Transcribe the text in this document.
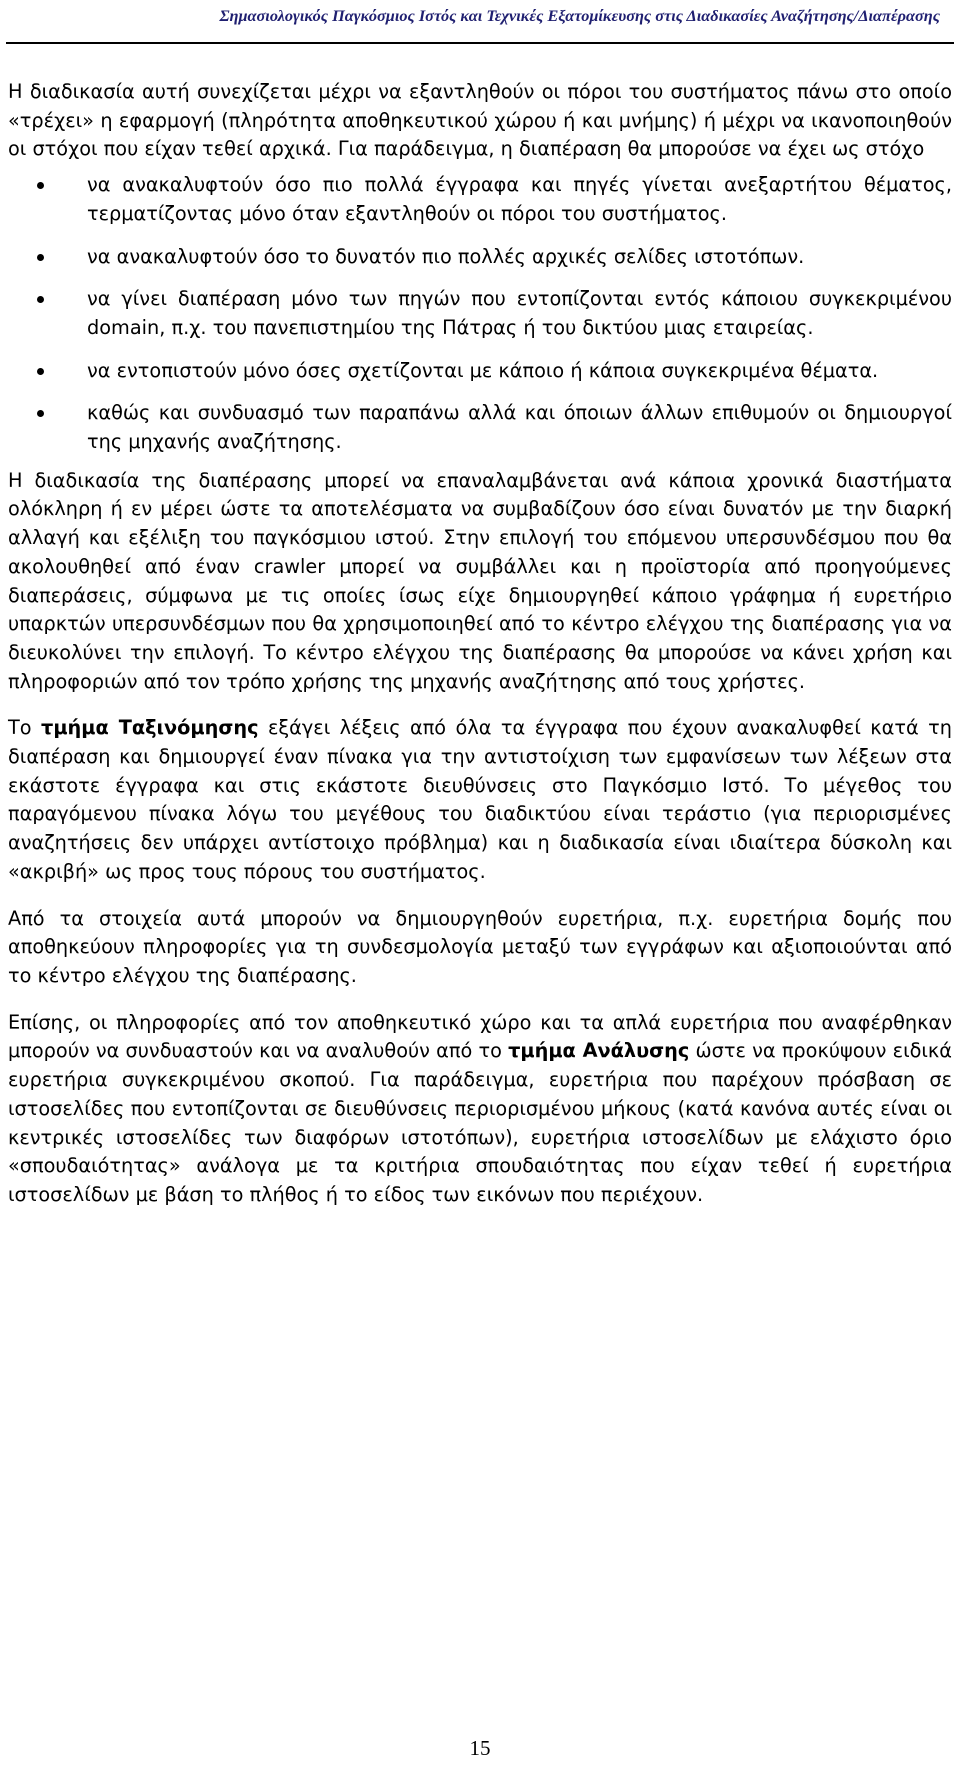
Σημασιολογικός Παγκόσμιος Ιστός και Τεχνικές Εξατομίκευσης στις Διαδικασίες Αναζήτησης/Διαπέρασης

Η διαδικασία αυτή συνεχίζεται μέχρι να εξαντληθούν οι πόροι του συστήματος πάνω στο οποίο «τρέχει» η εφαρμογή (πληρότητα αποθηκευτικού χώρου ή και μνήμης) ή μέχρι να ικανοποιηθούν οι στόχοι που είχαν τεθεί αρχικά. Για παράδειγμα, η διαπέραση θα μπορούσε να έχει ως στόχο

να ανακαλυφτούν όσο πιο πολλά έγγραφα και πηγές γίνεται ανεξαρτήτου θέματος, τερματίζοντας μόνο όταν εξαντληθούν οι πόροι του συστήματος.
να ανακαλυφτούν όσο το δυνατόν πιο πολλές αρχικές σελίδες ιστοτόπων.
να γίνει διαπέραση μόνο των πηγών που εντοπίζονται εντός κάποιου συγκεκριμένου domain, π.χ. του πανεπιστημίου της Πάτρας ή του δικτύου μιας εταιρείας.
να εντοπιστούν μόνο όσες σχετίζονται με κάποιο ή κάποια συγκεκριμένα θέματα.
καθώς και συνδυασμό των παραπάνω αλλά και όποιων άλλων επιθυμούν οι δημιουργοί της μηχανής αναζήτησης.

Η διαδικασία της διαπέρασης μπορεί να επαναλαμβάνεται ανά κάποια χρονικά διαστήματα ολόκληρη ή εν μέρει ώστε τα αποτελέσματα να συμβαδίζουν όσο είναι δυνατόν με την διαρκή αλλαγή και εξέλιξη του παγκόσμιου ιστού. Στην επιλογή του επόμενου υπερσυνδέσμου που θα ακολουθηθεί από έναν crawler μπορεί να συμβάλλει και η προϊστορία από προηγούμενες διαπεράσεις, σύμφωνα με τις οποίες ίσως είχε δημιουργηθεί κάποιο γράφημα ή ευρετήριο υπαρκτών υπερσυνδέσμων που θα χρησιμοποιηθεί από το κέντρο ελέγχου της διαπέρασης για να διευκολύνει την επιλογή. Το κέντρο ελέγχου της διαπέρασης θα μπορούσε να κάνει χρήση και πληροφοριών από τον τρόπο χρήσης της μηχανής αναζήτησης από τους χρήστες.

Το τμήμα Ταξινόμησης εξάγει λέξεις από όλα τα έγγραφα που έχουν ανακαλυφθεί κατά τη διαπέραση και δημιουργεί έναν πίνακα για την αντιστοίχιση των εμφανίσεων των λέξεων στα εκάστοτε έγγραφα και στις εκάστοτε διευθύνσεις στο Παγκόσμιο Ιστό. Το μέγεθος του παραγόμενου πίνακα λόγω του μεγέθους του διαδικτύου είναι τεράστιο (για περιορισμένες αναζητήσεις δεν υπάρχει αντίστοιχο πρόβλημα) και η διαδικασία είναι ιδιαίτερα δύσκολη και «ακριβή» ως προς τους πόρους του συστήματος.

Από τα στοιχεία αυτά μπορούν να δημιουργηθούν ευρετήρια, π.χ. ευρετήρια δομής που αποθηκεύουν πληροφορίες για τη συνδεσμολογία μεταξύ των εγγράφων και αξιοποιούνται από το κέντρο ελέγχου της διαπέρασης.

Επίσης, οι πληροφορίες από τον αποθηκευτικό χώρο και τα απλά ευρετήρια που αναφέρθηκαν μπορούν να συνδυαστούν και να αναλυθούν από το τμήμα Ανάλυσης ώστε να προκύψουν ειδικά ευρετήρια συγκεκριμένου σκοπού. Για παράδειγμα, ευρετήρια που παρέχουν πρόσβαση σε ιστοσελίδες που εντοπίζονται σε διευθύνσεις περιορισμένου μήκους (κατά κανόνα αυτές είναι οι κεντρικές ιστοσελίδες των διαφόρων ιστοτόπων), ευρετήρια ιστοσελίδων με ελάχιστο όριο «σπουδαιότητας» ανάλογα με τα κριτήρια σπουδαιότητας που είχαν τεθεί ή ευρετήρια ιστοσελίδων με βάση το πλήθος ή το είδος των εικόνων που περιέχουν.

15
